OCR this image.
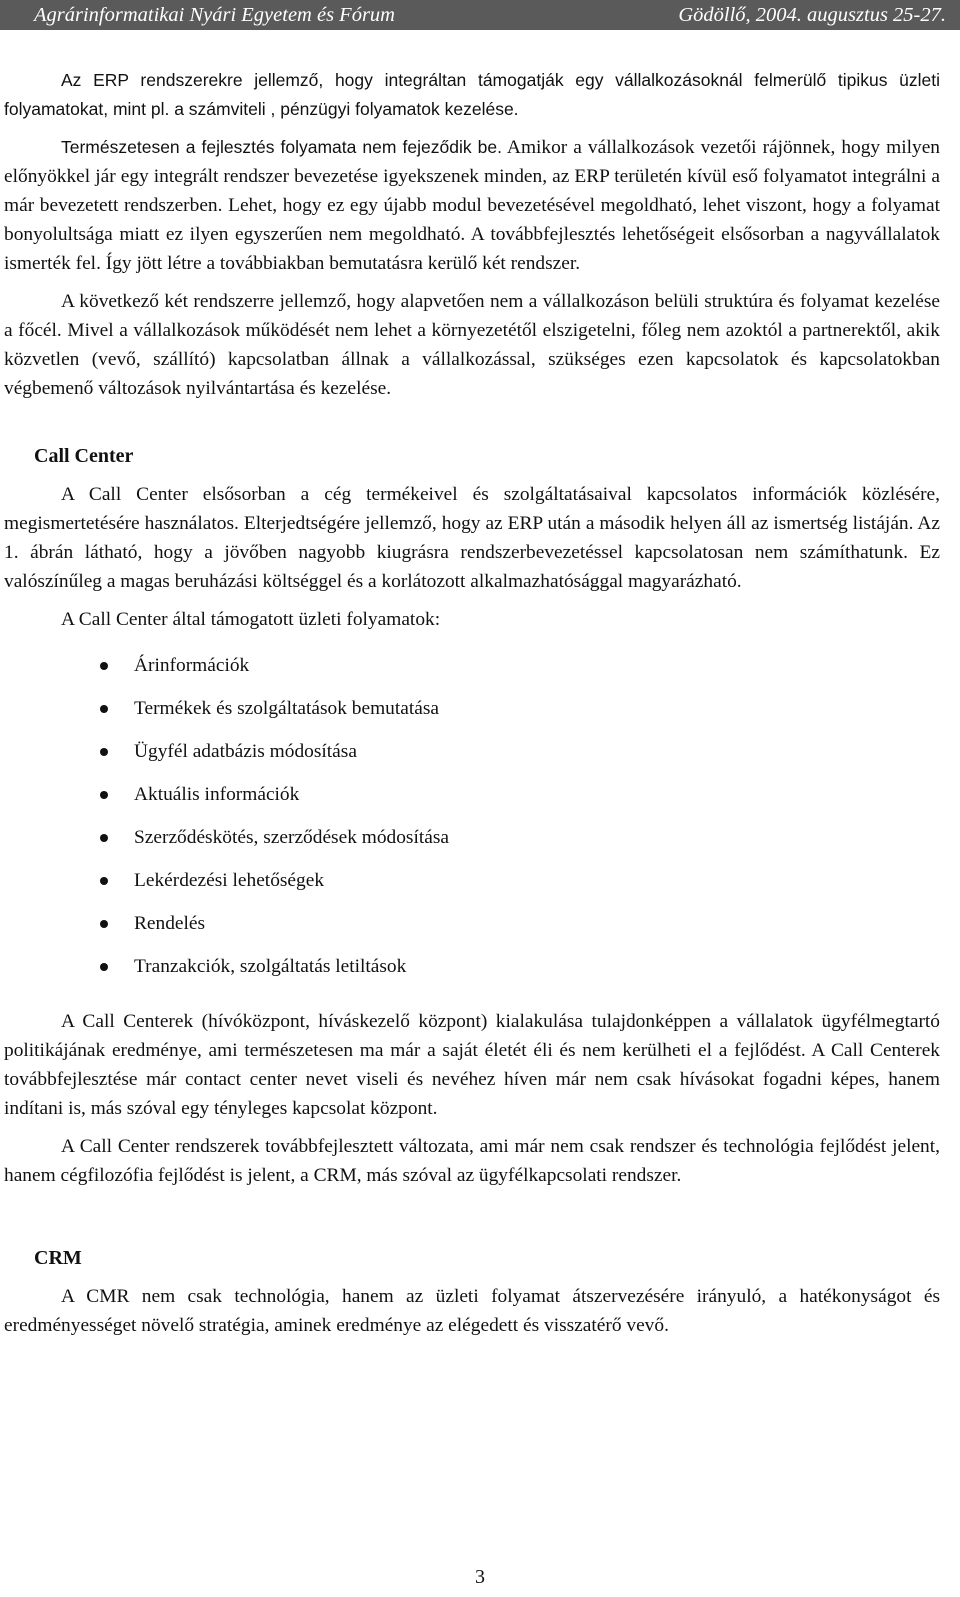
Agrárinformatikai Nyári Egyetem és Fórum	Gödöllő, 2004. augusztus 25-27.

Az ERP rendszerekre jellemző, hogy integráltan támogatják egy vállalkozásoknál felmerülő tipikus üzleti folyamatokat, mint pl. a számviteli , pénzügyi folyamatok kezelése.

Természetesen a fejlesztés folyamata nem fejeződik be. Amikor a vállalkozások vezetői rájönnek, hogy milyen előnyökkel jár egy integrált rendszer bevezetése igyekszenek minden, az ERP területén kívül eső folyamatot integrálni a már bevezetett rendszerben. Lehet, hogy ez egy újabb modul bevezetésével megoldható, lehet viszont, hogy a folyamat bonyolultsága miatt ez ilyen egyszerűen nem megoldható. A továbbfejlesztés lehetőségeit elsősorban a nagyvállalatok ismerték fel. Így jött létre a továbbiakban bemutatásra kerülő két rendszer.

A következő két rendszerre jellemző, hogy alapvetően nem a vállalkozáson belüli struktúra és folyamat kezelése a főcél. Mivel a vállalkozások működését nem lehet a környezetétől elszigetelni, főleg nem azoktól a partnerektől, akik közvetlen (vevő, szállító) kapcsolatban állnak a vállalkozással, szükséges ezen kapcsolatok és kapcsolatokban végbemenő változások nyilvántartása és kezelése.

Call Center

A Call Center elsősorban a cég termékeivel és szolgáltatásaival kapcsolatos információk közlésére, megismertetésére használatos. Elterjedtségére jellemző, hogy az ERP után a második helyen áll az ismertség listáján. Az 1. ábrán látható, hogy a jövőben nagyobb kiugrásra rendszerbevezetéssel kapcsolatosan nem számíthatunk. Ez valószínűleg a magas beruházási költséggel és a korlátozott alkalmazhatósággal magyarázható.

A Call Center által támogatott üzleti folyamatok:

Árinformációk
Termékek és szolgáltatások bemutatása
Ügyfél adatbázis módosítása
Aktuális információk
Szerződéskötés, szerződések módosítása
Lekérdezési lehetőségek
Rendelés
Tranzakciók, szolgáltatás letiltások

A Call Centerek (hívóközpont, híváskezelő központ) kialakulása tulajdonképpen a vállalatok ügyfélmegtartó politikájának eredménye, ami természetesen ma már a saját életét éli és nem kerülheti el a fejlődést. A Call Centerek továbbfejlesztése már contact center nevet viseli és nevéhez híven már nem csak hívásokat fogadni képes, hanem indítani is, más szóval egy tényleges kapcsolat központ.

A Call Center rendszerek továbbfejlesztett változata, ami már nem csak rendszer és technológia fejlődést jelent, hanem cégfilozófia fejlődést is jelent, a CRM, más szóval az ügyfélkapcsolati rendszer.

CRM

A CMR nem csak technológia, hanem az üzleti folyamat átszervezésére irányuló, a hatékonyságot és eredményességet növelő stratégia, aminek eredménye az elégedett és visszatérő vevő.

3
